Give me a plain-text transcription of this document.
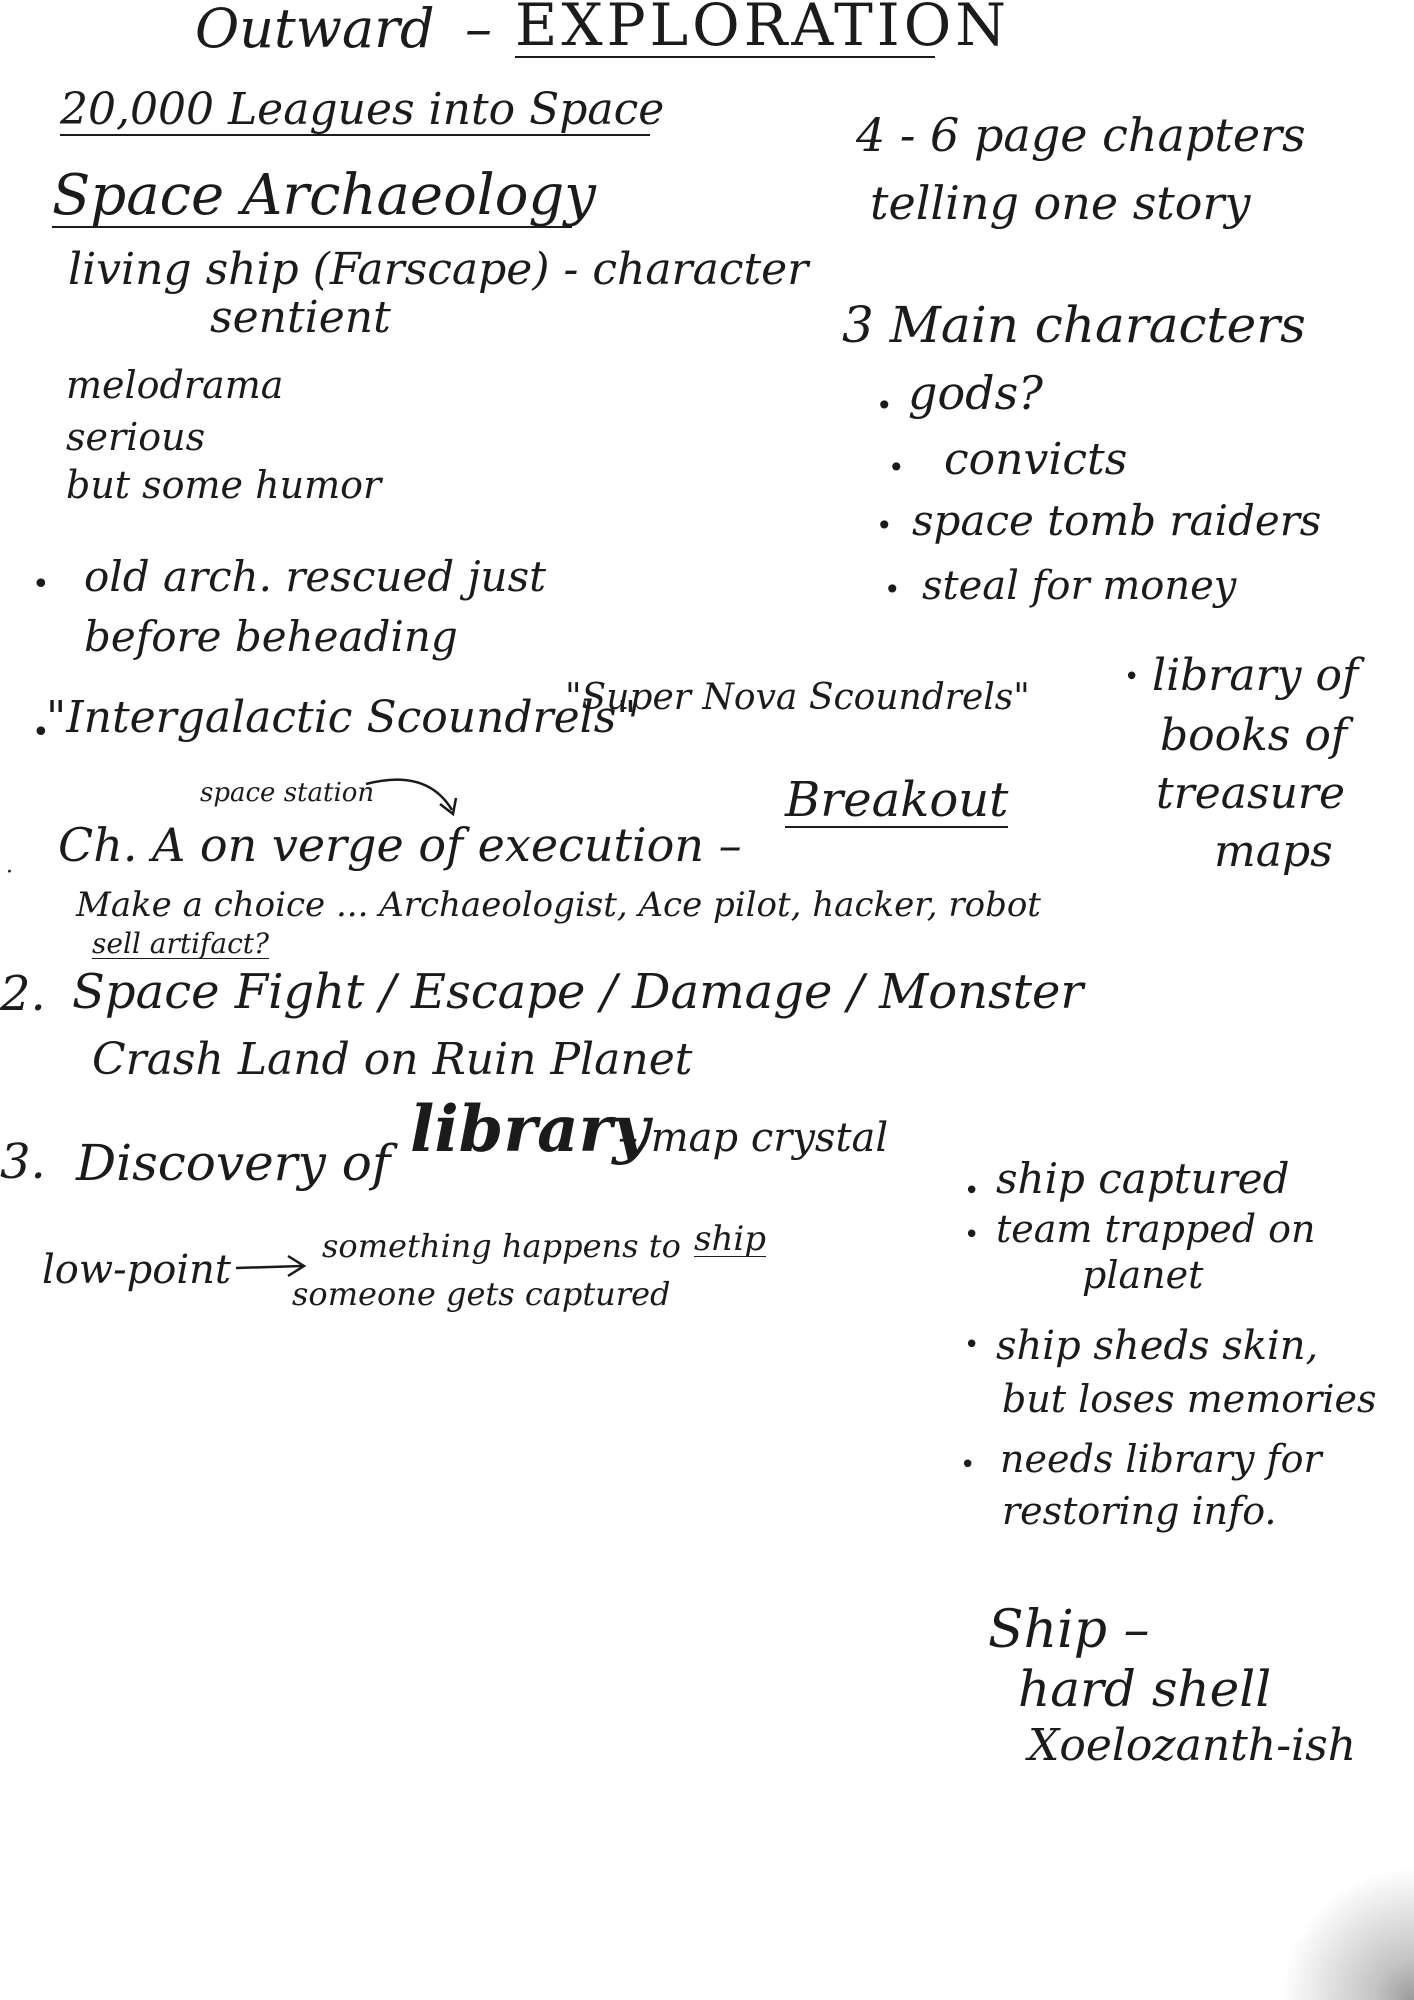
Outward – EXPLORATION
20,000 Leagues into Space
Space Archaeology
living ship (Farscape) - character
sentient
melodrama
serious
but some humor
• old arch. rescued just
before beheading
•
"Intergalactic Scoundrels"
"Super Nova Scoundrels"
space station
·
Ch. A on verge of execution –
Breakout
Make a choice ... Archaeologist, Ace pilot, hacker, robot
sell artifact?
2. Space Fight / Escape / Damage / Monster
Crash Land on Ruin Planet
3. Discovery of library
– map crystal
low-point
something happens to ship
someone gets captured
4 - 6 page chapters
telling one story
3 Main characters
• gods?
• convicts
• space tomb raiders
• steal for money
• library of
books of
treasure
maps
• ship captured
• team trapped on
planet
• ship sheds skin,
but loses memories
• needs library for
restoring info.
Ship –
hard shell
Xoelozanth-ish
